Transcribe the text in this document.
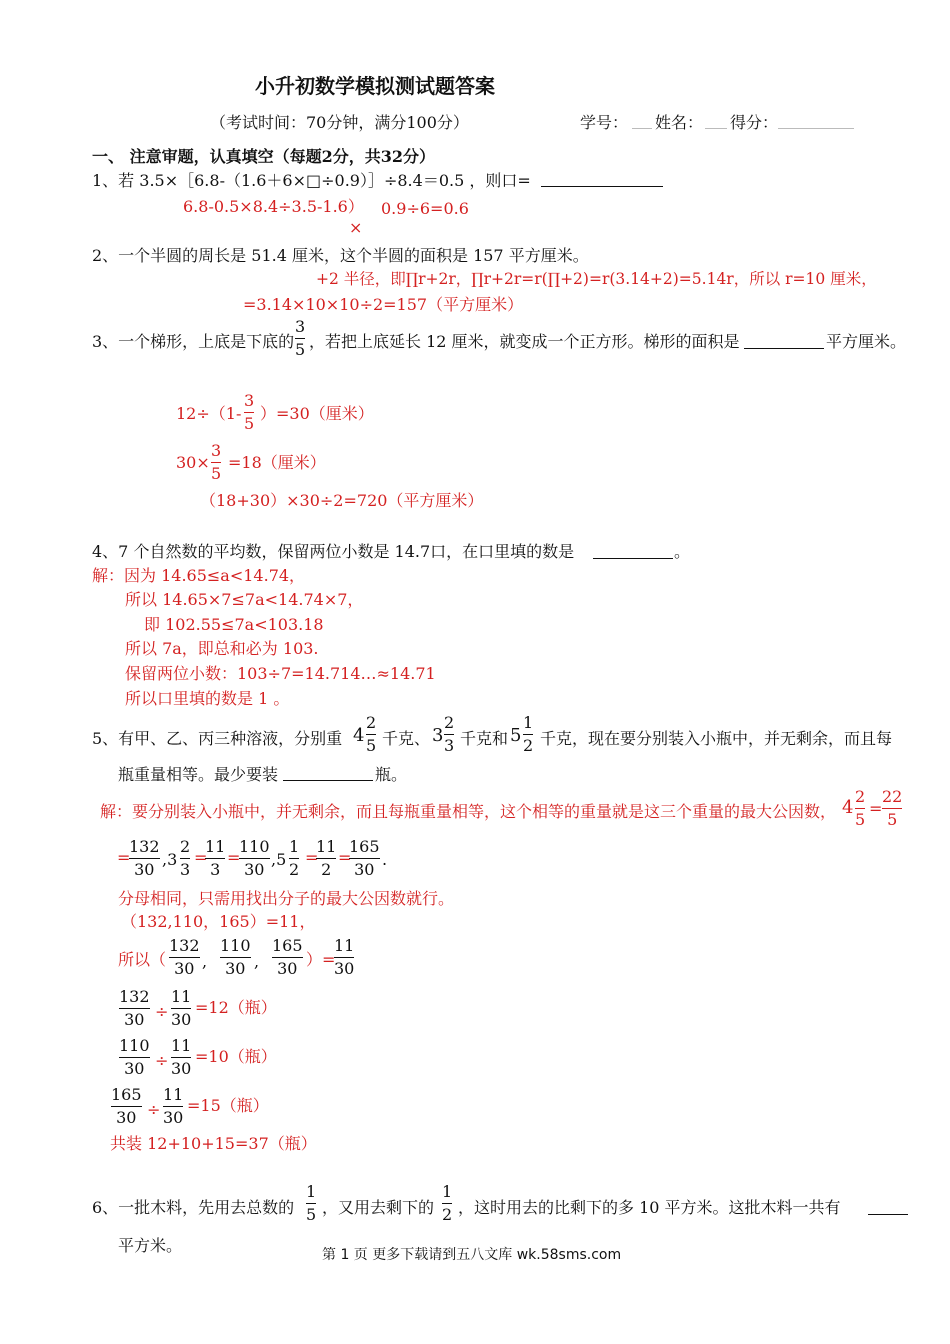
小升初数学模拟测试题答案
（考试时间：70分钟，满分100分）	学号： 姓名： 得分：
一、 注意审题，认真填空（每题2分，共32分）
1、若 3.5×［6.8-（1.6＋6×□÷0.9）］÷8.4＝0.5 ，则口=
6.8-0.5×8.4÷3.5-1.6） 0.9÷6=0.6
×
2、一个半圆的周长是 51.4 厘米，这个半圆的面积是 157 平方厘米。
+2 半径，即∏r+2r，∏r+2r=r(∏+2)=r(3.14+2)=5.14r，所以 r=10 厘米，
=3.14×10×10÷2=157（平方厘米）
3、一个梯形，上底是下底的
3
5 ，若把上底延长 12 厘米，就变成一个正方形。梯形的面积是	平方厘米。
12÷（1-
3
5
）=30（厘米）
30×
3
5
=18（厘米）
（18+30）×30÷2=720（平方厘米）
4、7 个自然数的平均数，保留两位小数是 14.7口，在口里填的数是	。
解：因为 14.65≤a<14.74，
所以 14.65×7≤7a<14.74×7，
即 102.55≤7a<103.18
所以 7a，即总和必为 103.
保留两位小数：103÷7=14.714…≈14.71
所以口里填的数是 1 。
5、有甲、乙、丙三种溶液，分别重 4
2
5 千克、 3
2
3 千克和 5
1
2 千克，现在要分别装入小瓶中，并无剩余，而且每
瓶重量相等。最少要装	瓶。
解：要分别装入小瓶中，并无剩余，而且每瓶重量相等，这个相等的重量就是这三个重量的最大公因数， 4
2
5
=
22
5
=
132
30
,3
2
3
=
11
3
=
110
30
,5
1
2
=
11
2
=
165
30
.
分母相同，只需用找出分子的最大公因数就行。
（132,110，165）=11，
所以（
132
30 ,
110
30 ,
165
30 ）=
11
30
132
30 ÷
11
30
=12（瓶）
110
30 ÷
11
30
=10（瓶）
165
30 ÷
11
30
=15（瓶）
共装 12+10+15=37（瓶）
6、一批木料，先用去总数的
1
5 ，又用去剩下的
1
2 ，这时用去的比剩下的多 10 平方米。这批木料一共有
平方米。	第 1 页 更多下载请到五八文库 wk.58sms.com
